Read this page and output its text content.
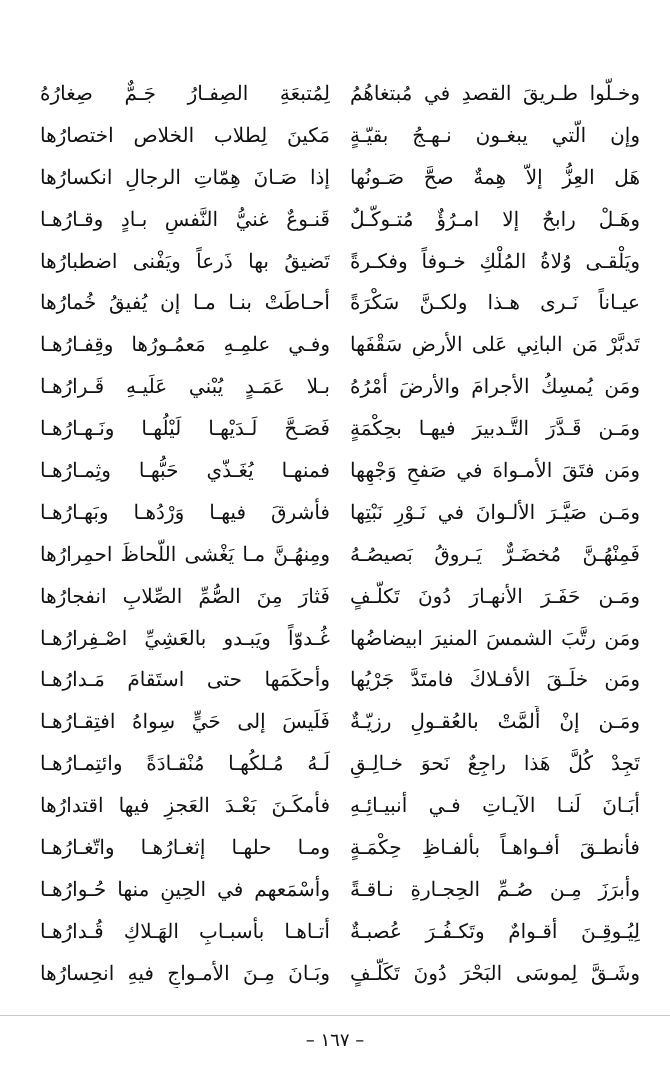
وخـلّوا طـريقَ القصدِ في مُبتغاهُمُ
لِمُتبعَةِ الصِفـارُ جَـمٌّ صِغارُهُ
وإن الّتي يبغـون نـهـجُ بقيّـةٍ
مَكينَ لِطلاب الخلاص اختصارُها
هَل العِزُّ إلاّ هِمةٌ صحَّ صَـونُها
إذا صَـانَ هِمّاتِ الرجالِ انكسارُها
وهَـلْ رابحٌ إلا امـرُؤٌ مُتـوكّـلٌ
قَنـوعٌ غنيُّ النَّفسِ بـادٍ وقـارُهـا
ويَلْقـى وُلاةُ المُلْكِ خـوفاً وفكـرةً
تَضيقُ بها ذَرعاً ويَفْنى اضطبارُها
عيـاناً نَـرى هـذا ولكـنَّ سَكْرَةً
أحـاطَتْ بنـا مـا إن يُفيقُ خُمارُها
تَدبَّرْ مَن البانِي عَلى الأرضِ سَقْفَها
وفـي علمِـهِ مَعمُـورُها وقِفـارُهـا
ومَن يُمسِكُ الأجرامَ والأرضَ أمْرُهُ
بـلا عَمَـدٍ يُبْني عَلَيـهِ قَـرارُهـا
ومَـن قَـدَّرَ التَّـدبيرَ فيهـا بحِكْمَةٍ
فَصَـحَّ لَـدَيْهـا لَيْلُهـا ونَـهـارُهـا
ومَن فتَقَ الأمـواهَ في صَفحِ وَجْهِها
فمنهـا يُغَـذّي حَبُّهـا وثِمـارُهـا
ومَـن صَيَّـرَ الألـوانَ في نَـوْرِ نَبْتِها
فأشرقَ فيهـا وَرْدُهـا وبَهـارُهـا
فَمِنْهُـنَّ مُخضَـرٌّ يَـروقُ بَصيصُـهُ
ومِنهُـنَّ مـا يَغْشى اللّحاظَ احمِرارُها
ومَـن حَفَـرَ الأنهـارَ دُونَ تَكلُّـفٍ
فَثارَ مِنَ الصُّمِّ الصِّلابِ انفجارُها
ومَن رتَّبَ الشمسَ المنيرَ ابيضاضُها
غُـدوّاً ويَبـدو بالعَشِيِّ اصْـفِرارُهـا
ومَن خلَـقَ الأفـلاكَ فامتَدَّ جَرْيُها
وأحكَمَها حتى استَقامَ مَـدارُهـا
ومَـن إنْ أَلمَّتْ بالعُقـولِ رزيّـةٌ
فَلَيسَ إلى حَيٍّ سِواهُ افتِقـارُهـا
تَجِدْ كُلَّ هَذا راجِعٌ نَحوَ خـالِـقٍ
لَـهُ مُـلكُهـا مُنْقـادَةً وائتِمـارُهـا
أبَـانَ لَنـا الآيـاتِ فـي أنبيـائِـهِ
فأمكَـنَ بَعْـدَ العَجزِ فيها اقتدارُها
فأنطـقَ أفـواهـاً بألفـاظِ حِكْمَـةٍ
ومـا حلهـا إثغـارُهـا واتّغـارُهـا
وأبرَزَ مِـن صُـمِّ الحِجـارةِ نـاقـةً
وأسْمَعهم في الحِينِ منها حُـوارُهـا
لِيُـوقِـنَ أقـوامٌ وتَكـفُـرَ عُصبـةٌ
أتـاهـا بأسبـابِ الهَـلاكِ قُـدارُهـا
وشَـقَّ لِموسَى البَحْرَ دُونَ تَكَلُّـفٍ
وبَـانَ مِـنَ الأمـواجِ فيهِ انحِسارُها
– ١٦٧ –
